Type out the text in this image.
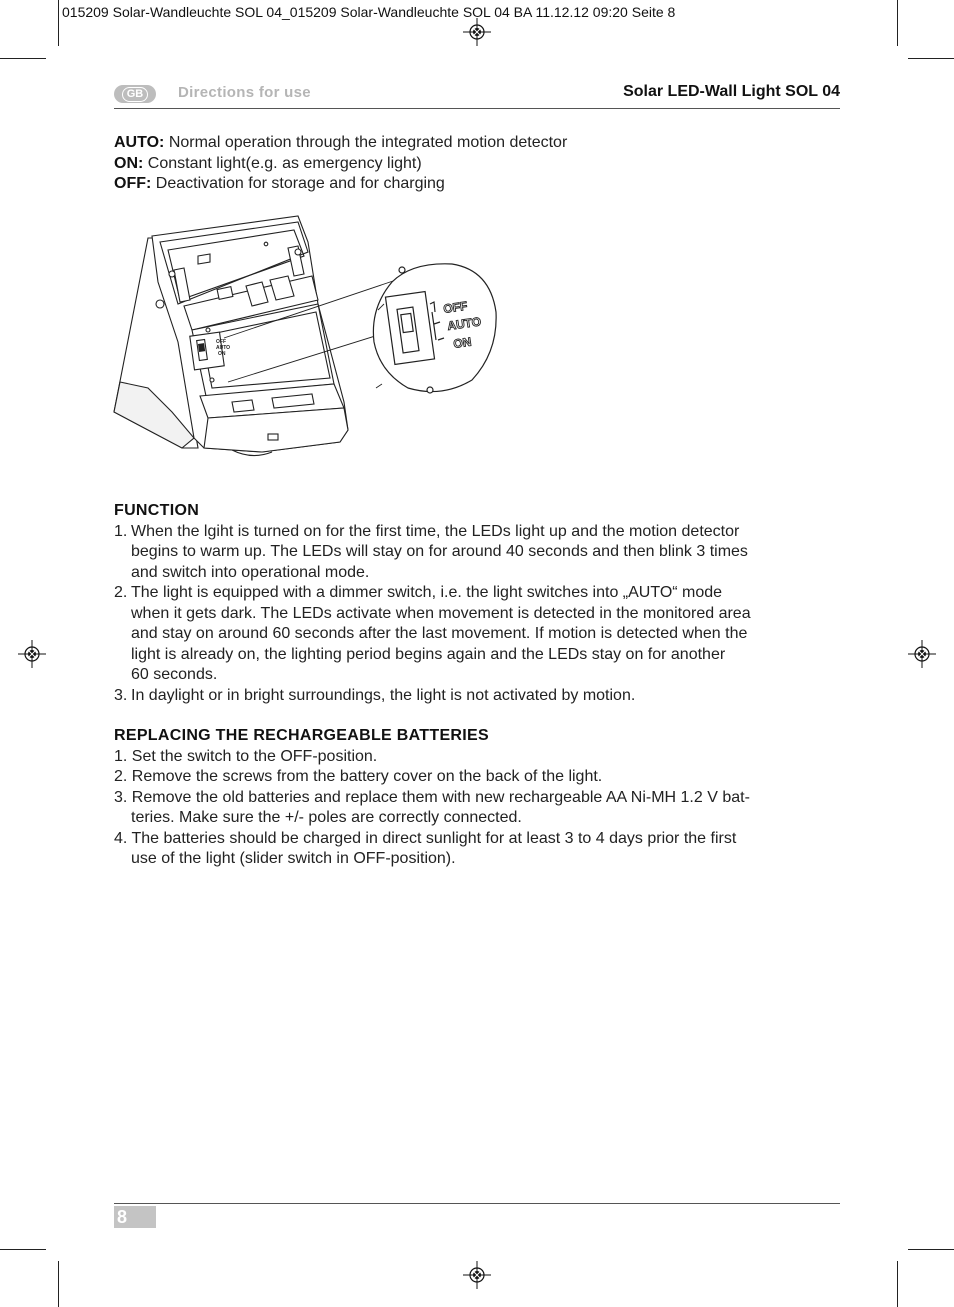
015209 Solar-Wandleuchte SOL 04_015209 Solar-Wandleuchte SOL 04 BA 11.12.12 09:20 Seite 8
GB	Directions for use	Solar LED-Wall Light SOL 04
AUTO: Normal operation through the integrated motion detector
ON: Constant light(e.g. as emergency light)
OFF: Deactivation for storage and for charging
OFF
AUTO
ON
OFF
AUTO
ON
FUNCTION
1. When the lgiht is turned on for the first time, the LEDs light up and the motion detector
begins to warm up. The LEDs will stay on for around 40 seconds and then blink 3 times
and switch into operational mode.
2. The light is equipped with a dimmer switch, i.e. the light switches into „AUTO“ mode
when it gets dark. The LEDs activate when movement is detected in the monitored area
and stay on around 60 seconds after the last movement. If motion is detected when the
light is already on, the lighting period begins again and the LEDs stay on for another
60 seconds.
3. In daylight or in bright surroundings, the light is not activated by motion.
REPLACING THE RECHARGEABLE BATTERIES
1. Set the switch to the OFF-position.
2. Remove the screws from the battery cover on the back of the light.
3. Remove the old batteries and replace them with new rechargeable AA Ni-MH 1.2 V bat-
teries. Make sure the +/- poles are correctly connected.
4. The batteries should be charged in direct sunlight for at least 3 to 4 days prior the first
use of the light (slider switch in OFF-position).
8
